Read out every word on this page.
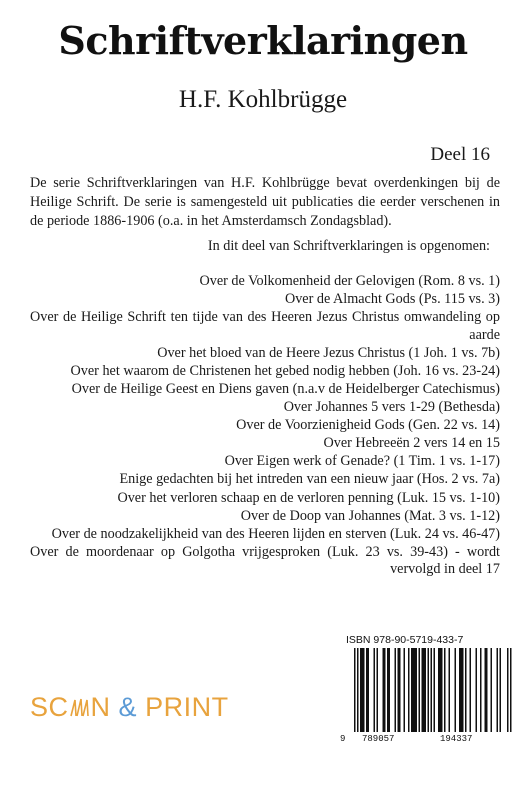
Schriftverklaringen
H.F. Kohlbrügge
Deel 16
De serie Schriftverklaringen van H.F. Kohlbrügge bevat overdenkingen bij de Heilige Schrift. De serie is samengesteld uit publicaties die eerder verschenen in de periode 1886-1906 (o.a. in het Amsterdamsch Zondagsblad).
In dit deel van Schriftverklaringen is opgenomen:
Over de Volkomenheid der Gelovigen (Rom. 8 vs. 1)
Over de Almacht Gods (Ps. 115 vs. 3)
Over de Heilige Schrift ten tijde van des Heeren Jezus Christus omwandeling op aarde
Over het bloed van de Heere Jezus Christus (1 Joh. 1 vs. 7b)
Over het waarom de Christenen het gebed nodig hebben (Joh. 16 vs. 23-24)
Over de Heilige Geest en Diens gaven (n.a.v de Heidelberger Catechismus)
Over Johannes 5 vers 1-29 (Bethesda)
Over de Voorzienigheid Gods (Gen. 22 vs. 14)
Over Hebreeën 2 vers 14 en 15
Over Eigen werk of Genade? (1 Tim. 1 vs. 1-17)
Enige gedachten bij het intreden van een nieuw jaar (Hos. 2 vs. 7a)
Over het verloren schaap en de verloren penning (Luk. 15 vs. 1-10)
Over de Doop van Johannes (Mat. 3 vs. 1-12)
Over de noodzakelijkheid van des Heeren lijden en sterven (Luk. 24 vs. 46-47)
Over de moordenaar op Golgotha vrijgesproken (Luk. 23 vs. 39-43) - wordt vervolgd in deel 17
SC N & PRINT
ISBN 978-90-5719-433-7
9 789057	194337
